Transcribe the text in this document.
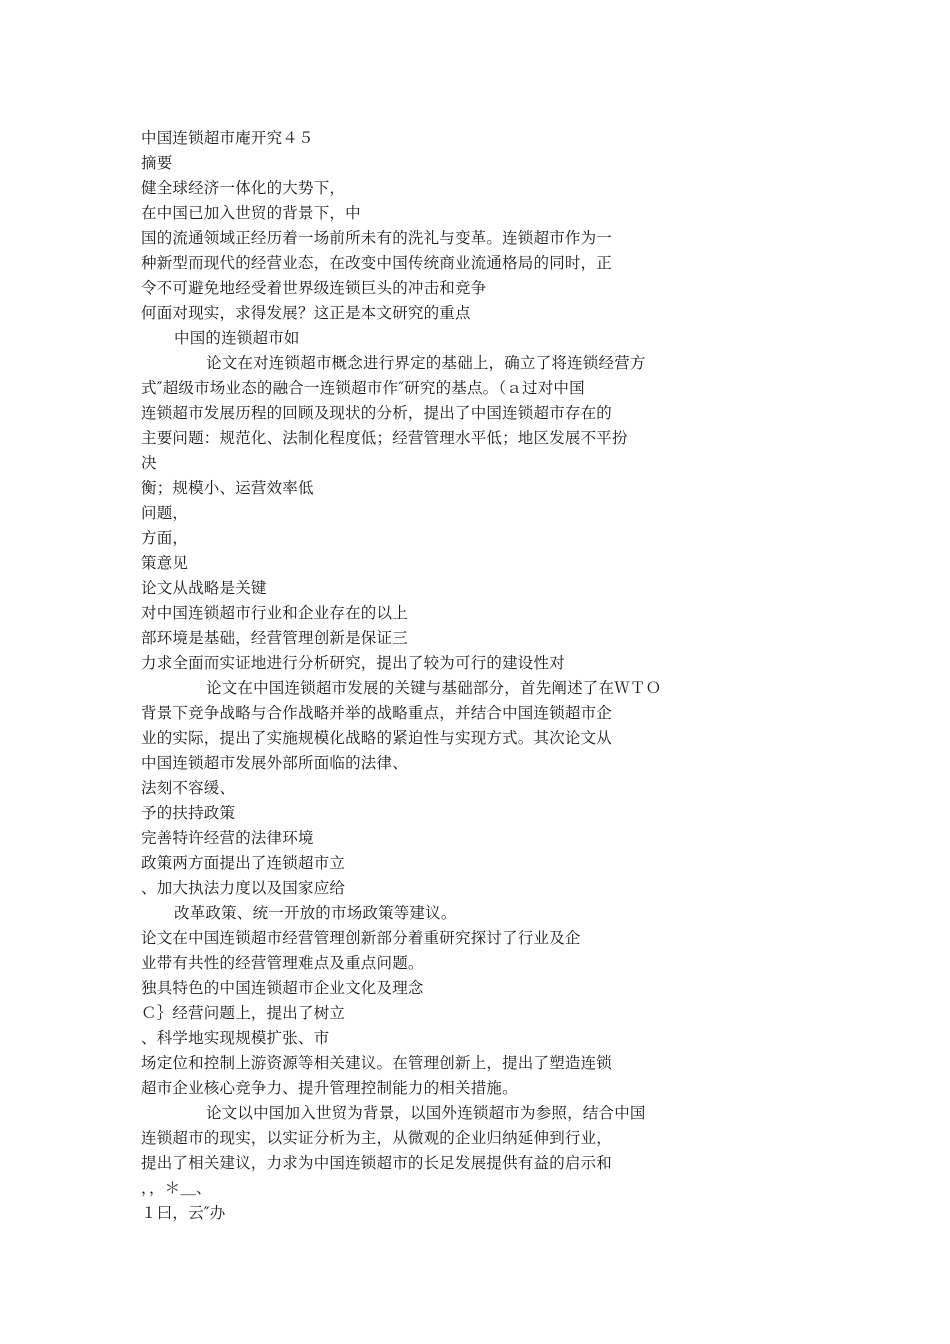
中国连锁超市庵开究４５
摘要
健全球经济一体化的大势下，
在中国已加入世贸的背景下，中
国的流通领域正经历着一场前所未有的洗礼与变革。连锁超市作为一
种新型而现代的经营业态，在改变中国传统商业流通格局的同时，正
令不可避免地经受着世界级连锁巨头的冲击和竞争
何面对现实，求得发展？这正是本文研究的重点
中国的连锁超市如
论文在对连锁超市概念进行界定的基础上，确立了将连锁经营方
式″超级市场业态的融合一连锁超市作″研究的基点。（ａ过对中国
连锁超市发展历程的回顾及现状的分析，提出了中国连锁超市存在的
主要问题：规范化、法制化程度低；经营管理水平低；地区发展不平扮
决
衡；规模小、运营效率低
问题，
方面，
策意见
论文从战略是关键
对中国连锁超市行业和企业存在的以上
部环境是基础，经营管理创新是保证三
力求全面而实证地进行分析研究，提出了较为可行的建设性对
论文在中国连锁超市发展的关键与基础部分，首先阐述了在ＷＴＯ
背景下竞争战略与合作战略并举的战略重点，并结合中国连锁超市企
业的实际，提出了实施规模化战略的紧迫性与实现方式。其次论文从
中国连锁超市发展外部所面临的法律、
法刻不容缓、
予的扶持政策
完善特许经营的法律环境
政策两方面提出了连锁超市立
、加大执法力度以及国家应给
改革政策、统一开放的市场政策等建议。
论文在中国连锁超市经营管理创新部分着重研究探讨了行业及企
业带有共性的经营管理难点及重点问题。
独具特色的中国连锁超市企业文化及理念
Ｃ｝经营问题上，提出了树立
、科学地实现规模扩张、市
场定位和控制上游资源等相关建议。在管理创新上，提出了塑造连锁
超市企业核心竞争力、提升管理控制能力的相关措施。
论文以中国加入世贸为背景，以国外连锁超市为参照，结合中国
连锁超市的现实，以实证分析为主，从微观的企业归纳延伸到行业，
提出了相关建议，力求为中国连锁超市的长足发展提供有益的启示和
，，＊＿、
１曰，云″办
